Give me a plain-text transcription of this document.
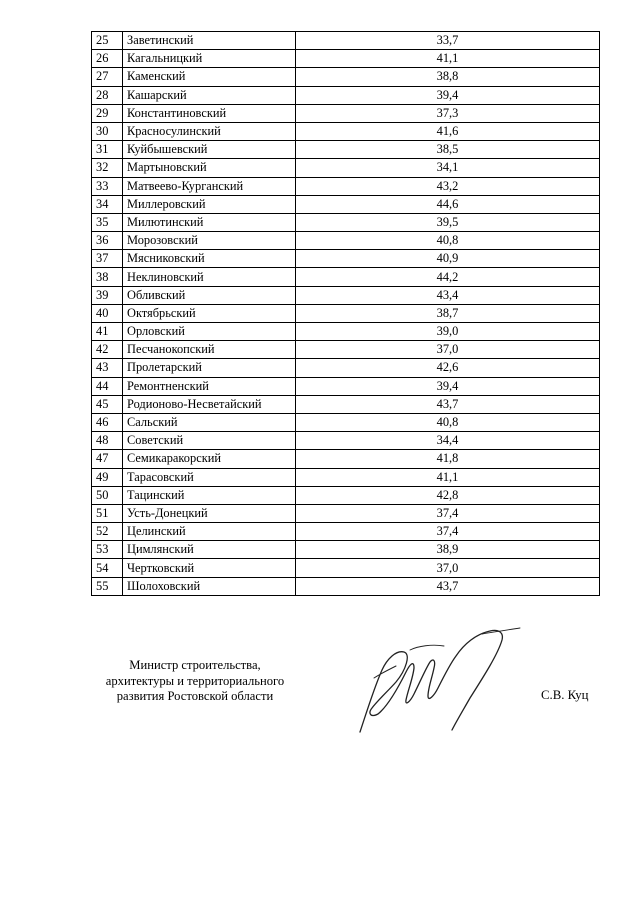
25	Заветинский	33,7
26	Кагальницкий	41,1
27	Каменский	38,8
28	Кашарский	39,4
29	Константиновский	37,3
30	Красносулинский	41,6
31	Куйбышевский	38,5
32	Мартыновский	34,1
33	Матвеево-Курганский	43,2
34	Миллеровский	44,6
35	Милютинский	39,5
36	Морозовский	40,8
37	Мясниковский	40,9
38	Неклиновский	44,2
39	Обливский	43,4
40	Октябрьский	38,7
41	Орловский	39,0
42	Песчанокопский	37,0
43	Пролетарский	42,6
44	Ремонтненский	39,4
45	Родионово-Несветайский	43,7
46	Сальский	40,8
48	Советский	34,4
47	Семикаракорский	41,8
49	Тарасовский	41,1
50	Тацинский	42,8
51	Усть-Донецкий	37,4
52	Целинский	37,4
53	Цимлянский	38,9
54	Чертковский	37,0
55	Шолоховский	43,7
Министр строительства,
архитектуры и территориального
развития Ростовской области	С.В. Куц
